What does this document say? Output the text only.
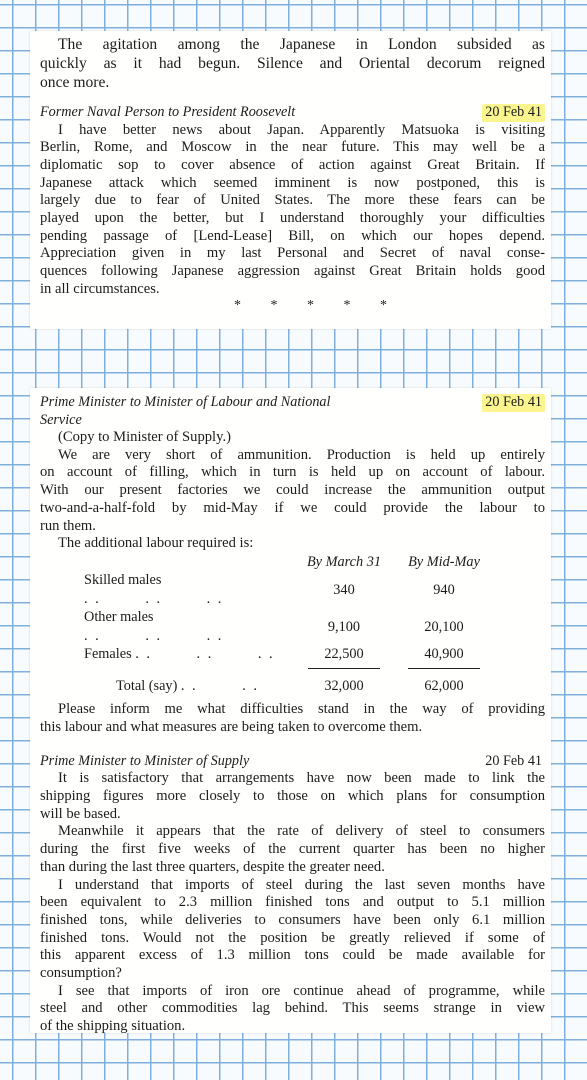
The agitation among the Japanese in London subsided as
quickly as it had begun. Silence and Oriental decorum reigned
once more.
Former Naval Person to President Roosevelt	20 Feb 41
I have better news about Japan. Apparently Matsuoka is visiting
Berlin, Rome, and Moscow in the near future. This may well be a
diplomatic sop to cover absence of action against Great Britain. If
Japanese attack which seemed imminent is now postponed, this is
largely due to fear of United States. The more these fears can be
played upon the better, but I understand thoroughly your difficulties
pending passage of [Lend-Lease] Bill, on which our hopes depend.
Appreciation given in my last Personal and Secret of naval conse-
quences following Japanese aggression against Great Britain holds good
in all circumstances.
* * * * *
Prime Minister to Minister of Labour and National	20 Feb 41
Service
(Copy to Minister of Supply.)
We are very short of ammunition. Production is held up entirely
on account of filling, which in turn is held up on account of labour.
With our present factories we could increase the ammunition output
two-and-a-half-fold by mid-May if we could provide the labour to
run them.
The additional labour required is:
	By March 31	By Mid-May
Skilled males . .        . .        . .	340	940
Other males . .        . .        . .	9,100	20,100
Females . .        . .        . .	22,500	40,900

Total (say) . .        . .	32,000	62,000
Please inform me what difficulties stand in the way of providing
this labour and what measures are being taken to overcome them.
Prime Minister to Minister of Supply	20 Feb 41
It is satisfactory that arrangements have now been made to link the
shipping figures more closely to those on which plans for consumption
will be based.
Meanwhile it appears that the rate of delivery of steel to consumers
during the first five weeks of the current quarter has been no higher
than during the last three quarters, despite the greater need.
I understand that imports of steel during the last seven months have
been equivalent to 2.3 million finished tons and output to 5.1 million
finished tons, while deliveries to consumers have been only 6.1 million
finished tons. Would not the position be greatly relieved if some of
this apparent excess of 1.3 million tons could be made available for
consumption?
I see that imports of iron ore continue ahead of programme, while
steel and other commodities lag behind. This seems strange in view
of the shipping situation.
